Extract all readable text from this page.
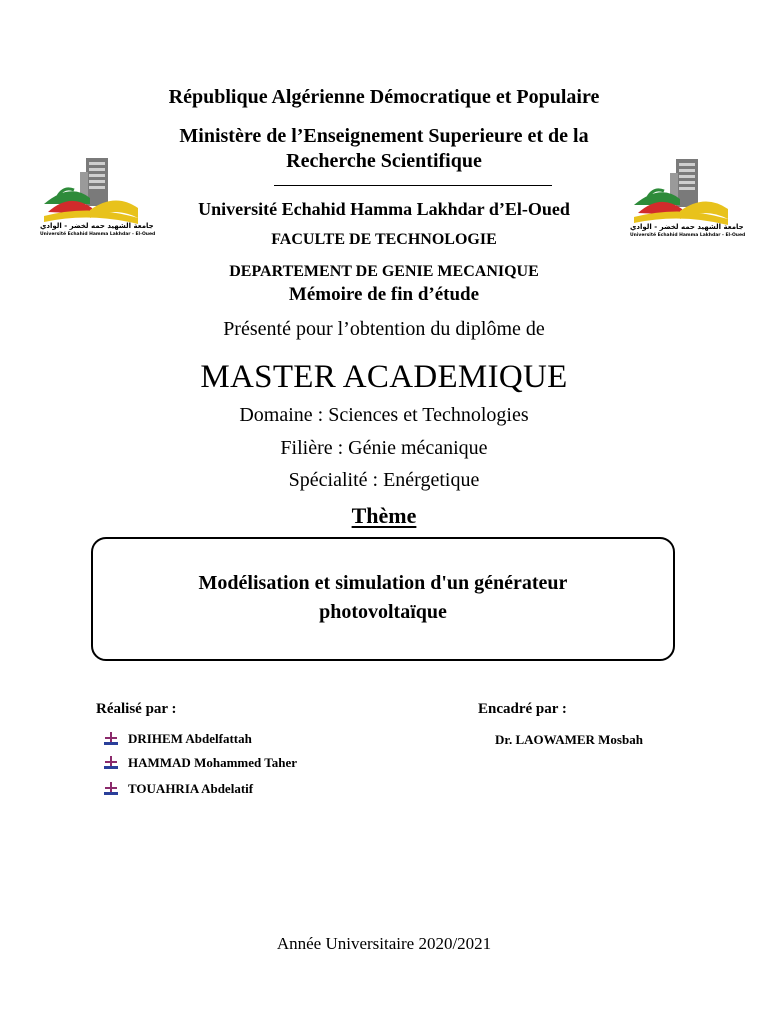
جامعة الشهيد حمه لخضر - الوادي
Université Echahid Hamma Lakhdar - El-Oued
جامعة الشهيد حمه لخضر - الوادي
Université Echahid Hamma Lakhdar - El-Oued
République Algérienne Démocratique et Populaire
Ministère de l’Enseignement Superieure et de la
Recherche Scientifique
Université Echahid Hamma Lakhdar d’El-Oued
FACULTE DE TECHNOLOGIE
DEPARTEMENT DE GENIE MECANIQUE
Mémoire de fin d’étude
Présenté pour l’obtention du diplôme de
MASTER ACADEMIQUE
Domaine : Sciences et Technologies
Filière : Génie mécanique
Spécialité : Enérgetique
Thème
Modélisation et simulation d'un générateur
photovoltaïque
Réalisé par :	Encadré par :
DRIHEM Abdelfattah
HAMMAD Mohammed Taher
TOUAHRIA Abdelatif
Dr. LAOWAMER Mosbah
Année Universitaire 2020/2021
